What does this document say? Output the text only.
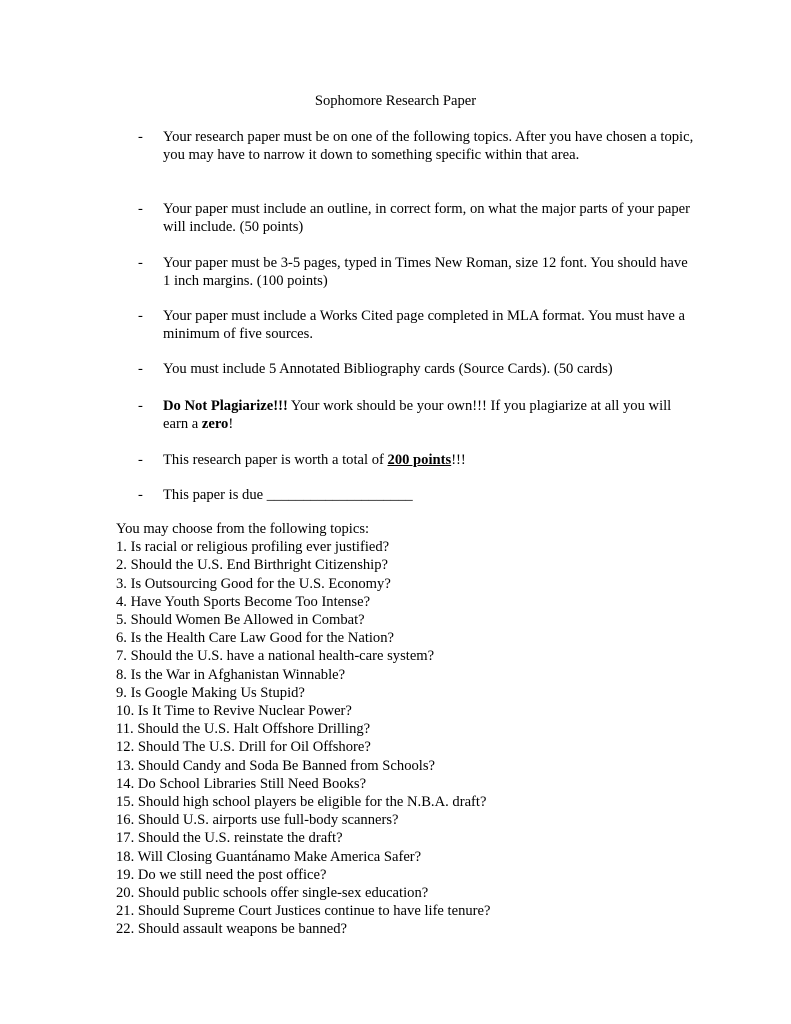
Sophomore Research Paper
- Your research paper must be on one of the following topics. After you have chosen a topic, you may have to narrow it down to something specific within that area.
- Your paper must include an outline, in correct form, on what the major parts of your paper will include. (50 points)
- Your paper must be 3-5 pages, typed in Times New Roman, size 12 font. You should have 1 inch margins. (100 points)
- Your paper must include a Works Cited page completed in MLA format. You must have a minimum of five sources.
- You must include 5 Annotated Bibliography cards (Source Cards). (50 cards)
- Do Not Plagiarize!!! Your work should be your own!!! If you plagiarize at all you will earn a zero!
- This research paper is worth a total of 200 points!!!
- This paper is due ____________________
You may choose from the following topics:
1. Is racial or religious profiling ever justified?
2. Should the U.S. End Birthright Citizenship?
3. Is Outsourcing Good for the U.S. Economy?
4. Have Youth Sports Become Too Intense?
5. Should Women Be Allowed in Combat?
6. Is the Health Care Law Good for the Nation?
7. Should the U.S. have a national health-care system?
8. Is the War in Afghanistan Winnable?
9. Is Google Making Us Stupid?
10. Is It Time to Revive Nuclear Power?
11. Should the U.S. Halt Offshore Drilling?
12. Should The U.S. Drill for Oil Offshore?
13. Should Candy and Soda Be Banned from Schools?
14. Do School Libraries Still Need Books?
15. Should high school players be eligible for the N.B.A. draft?
16. Should U.S. airports use full-body scanners?
17. Should the U.S. reinstate the draft?
18. Will Closing Guantánamo Make America Safer?
19. Do we still need the post office?
20. Should public schools offer single-sex education?
21. Should Supreme Court Justices continue to have life tenure?
22. Should assault weapons be banned?
